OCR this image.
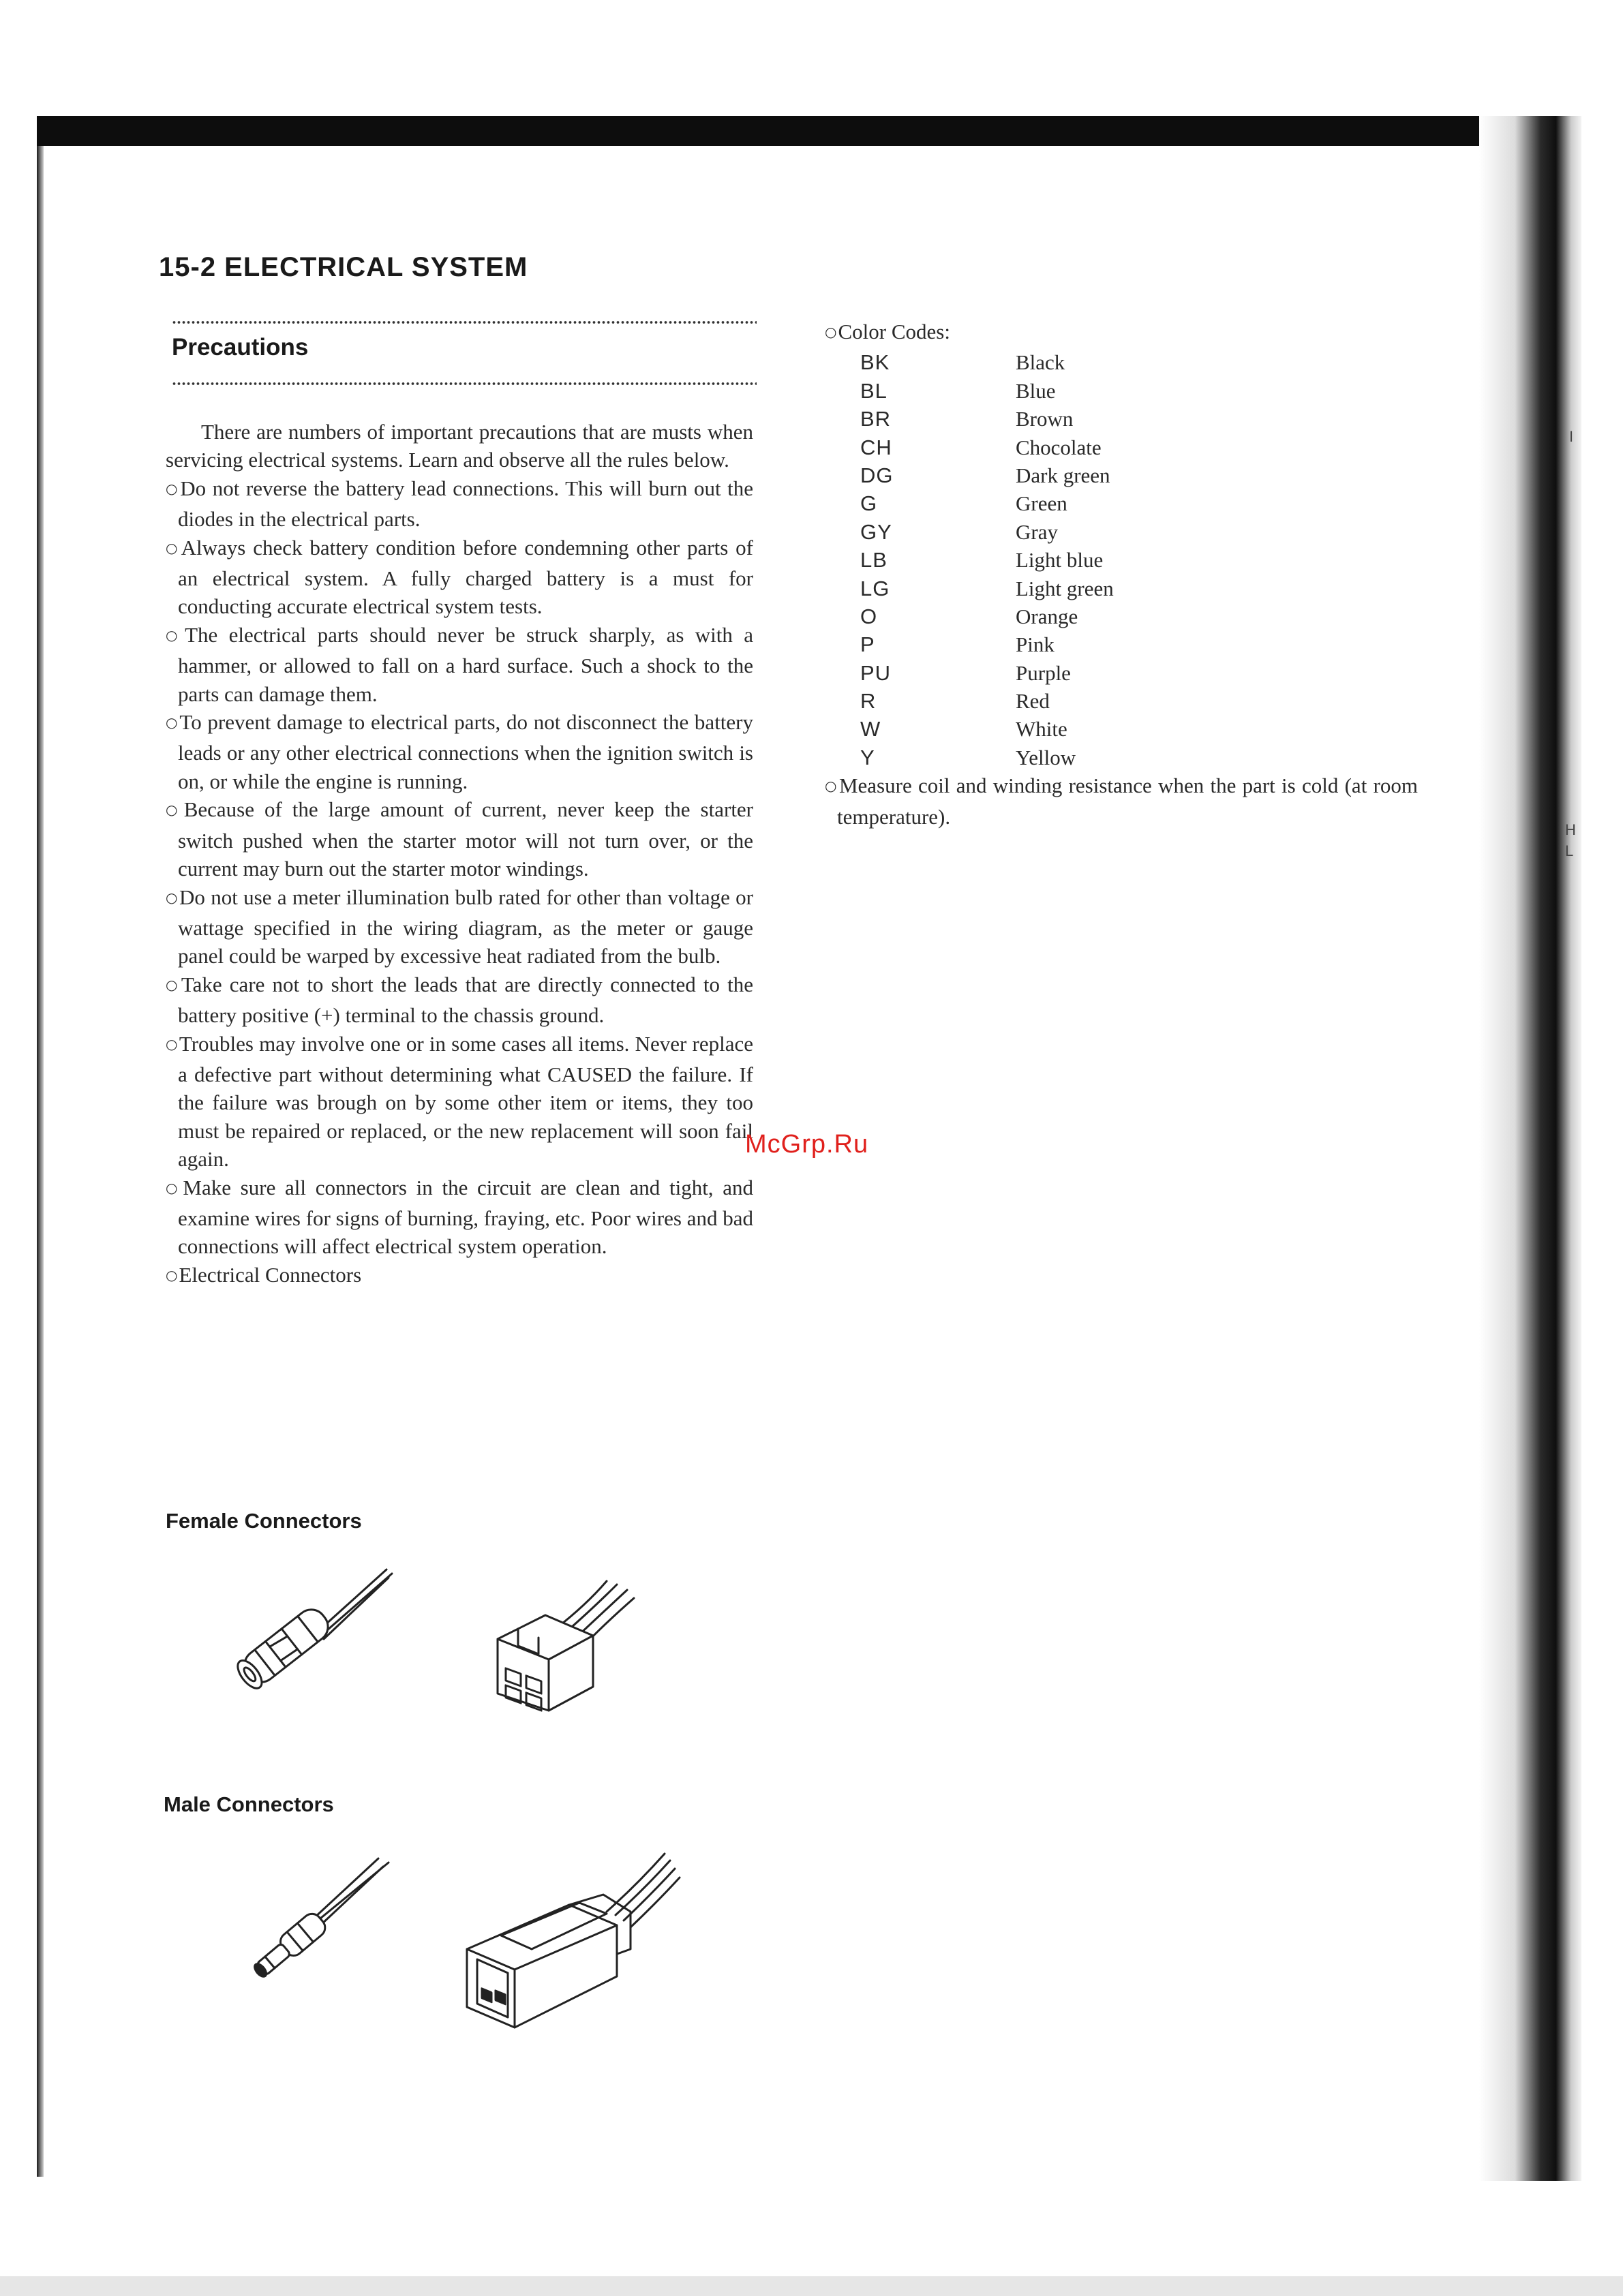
I
H
L
15-2 ELECTRICAL SYSTEM
Precautions

There are numbers of important precautions that are musts when servicing electrical systems. Learn and observe all the rules below.

○Do not reverse the battery lead connections. This will burn out the diodes in the electrical parts.

○Always check battery condition before condemning other parts of an electrical system. A fully charged battery is a must for conducting accurate electrical system tests.

○The electrical parts should never be struck sharply, as with a hammer, or allowed to fall on a hard surface. Such a shock to the parts can damage them.

○To prevent damage to electrical parts, do not disconnect the battery leads or any other electrical connections when the ignition switch is on, or while the engine is running.

○Because of the large amount of current, never keep the starter switch pushed when the starter motor will not turn over, or the current may burn out the starter motor windings.

○Do not use a meter illumination bulb rated for other than voltage or wattage specified in the wiring diagram, as the meter or gauge panel could be warped by excessive heat radiated from the bulb.

○Take care not to short the leads that are directly connected to the battery positive (+) terminal to the chassis ground.

○Troubles may involve one or in some cases all items. Never replace a defective part without determining what CAUSED the failure. If the failure was brough on by some other item or items, they too must be repaired or replaced, or the new replacement will soon fail again.

○Make sure all connectors in the circuit are clean and tight, and examine wires for signs of burning, fraying, etc. Poor wires and bad connections will affect electrical system operation.

○Electrical Connectors

Female Connectors
Male Connectors

○Color Codes:

BK	Black
BL	Blue
BR	Brown
CH	Chocolate
DG	Dark green
G	Green
GY	Gray
LB	Light blue
LG	Light green
O	Orange
P	Pink
PU	Purple
R	Red
W	White
Y	Yellow

○Measure coil and winding resistance when the part is cold (at room temperature).

McGrp.Ru
